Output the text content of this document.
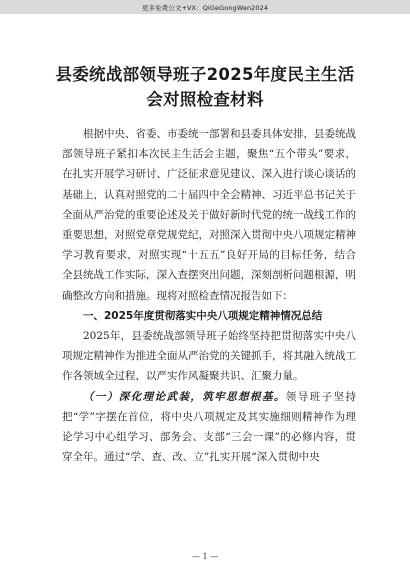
更多免费公文+VX：QiGeGongWen2024
县委统战部领导班子2025年度民主生活
会对照检查材料

根据中央、省委、市委统一部署和县委具体安排，县委统战部领导班子紧扣本次民主生活会主题，聚焦“五个带头”要求，在扎实开展学习研讨、广泛征求意见建议、深入进行谈心谈话的基础上，认真对照党的二十届四中全会精神、习近平总书记关于全面从严治党的重要论述及关于做好新时代党的统一战线工作的重要思想，对照党章党规党纪，对照深入贯彻中央八项规定精神学习教育要求，对照实现“十五五”良好开局的目标任务，结合全县统战工作实际，深入查摆突出问题，深刻剖析问题根源，明确整改方向和措施。现将对照检查情况报告如下：

一、2025年度贯彻落实中央八项规定精神情况总结

2025年，县委统战部领导班子始终坚持把贯彻落实中央八项规定精神作为推进全面从严治党的关键抓手，将其融入统战工作各领域全过程，以严实作风凝聚共识、汇聚力量。

（一）深化理论武装，筑牢思想根基。领导班子坚持把“学”字摆在首位，将中央八项规定及其实施细则精神作为理论学习中心组学习、部务会、支部“三会一课”的必修内容，贯穿全年。通过“学、查、改、立”扎实开展“深入贯彻中央

— 1 —
